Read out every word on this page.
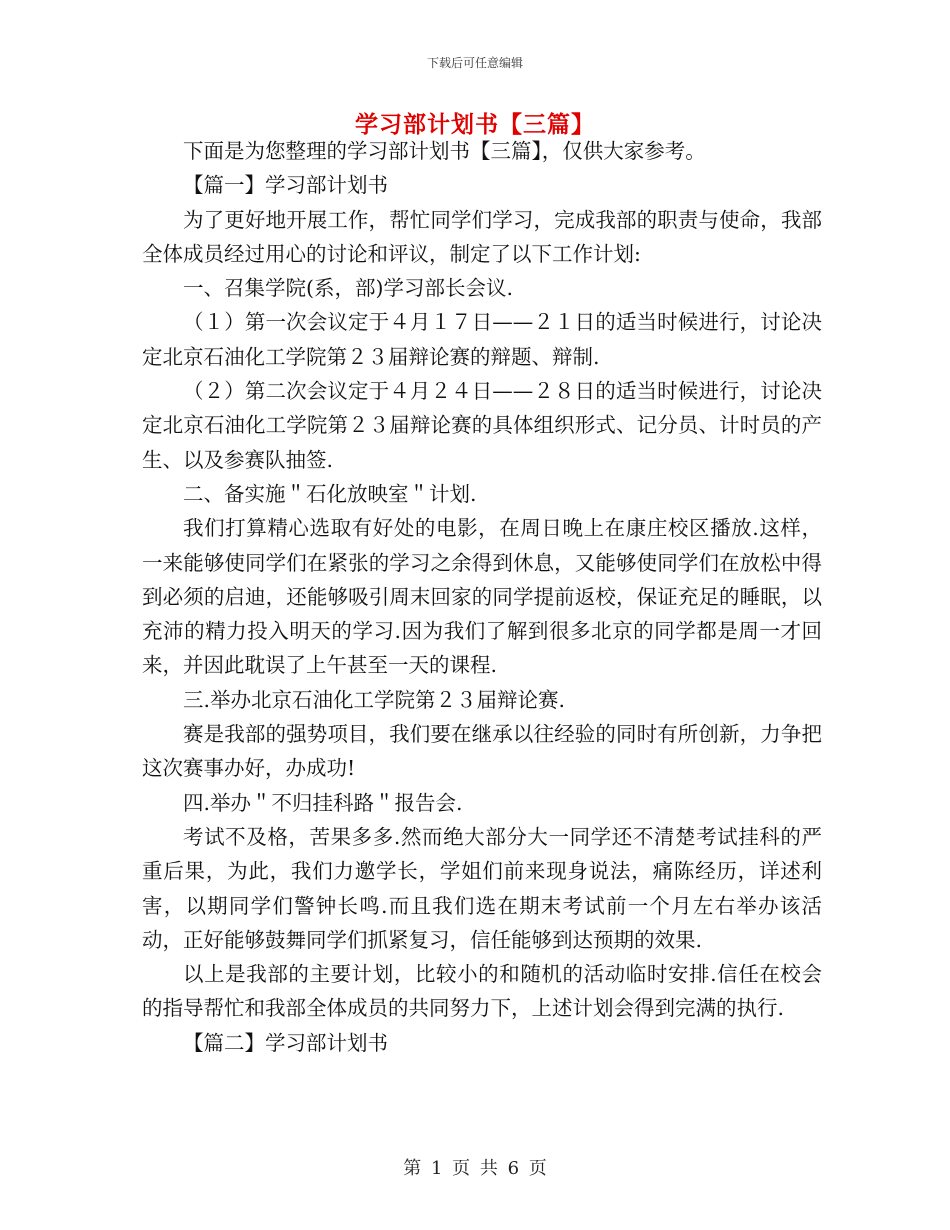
下载后可任意编辑
学习部计划书【三篇】

下面是为您整理的学习部计划书【三篇】，仅供大家参考。

【篇一】学习部计划书

为了更好地开展工作，帮忙同学们学习，完成我部的职责与使命，我部全体成员经过用心的讨论和评议，制定了以下工作计划:

一、召集学院(系，部)学习部长会议.

（１）第一次会议定于４月１７日——２１日的适当时候进行，讨论决定北京石油化工学院第２３届辩论赛的辩题、辩制.

（２）第二次会议定于４月２４日——２８日的适当时候进行，讨论决定北京石油化工学院第２３届辩论赛的具体组织形式、记分员、计时员的产生、以及参赛队抽签.

二、备实施＂石化放映室＂计划.

我们打算精心选取有好处的电影，在周日晚上在康庄校区播放.这样，一来能够使同学们在紧张的学习之余得到休息，又能够使同学们在放松中得到必须的启迪，还能够吸引周末回家的同学提前返校，保证充足的睡眠，以充沛的精力投入明天的学习.因为我们了解到很多北京的同学都是周一才回来，并因此耽误了上午甚至一天的课程.

三.举办北京石油化工学院第２３届辩论赛.

赛是我部的强势项目，我们要在继承以往经验的同时有所创新，力争把这次赛事办好，办成功!

四.举办＂不归挂科路＂报告会.

考试不及格，苦果多多.然而绝大部分大一同学还不清楚考试挂科的严重后果，为此，我们力邀学长，学姐们前来现身说法，痛陈经历，详述利害，以期同学们警钟长鸣.而且我们选在期末考试前一个月左右举办该活动，正好能够鼓舞同学们抓紧复习，信任能够到达预期的效果.

以上是我部的主要计划，比较小的和随机的活动临时安排.信任在校会的指导帮忙和我部全体成员的共同努力下，上述计划会得到完满的执行.

【篇二】学习部计划书

第 1 页 共 6 页
